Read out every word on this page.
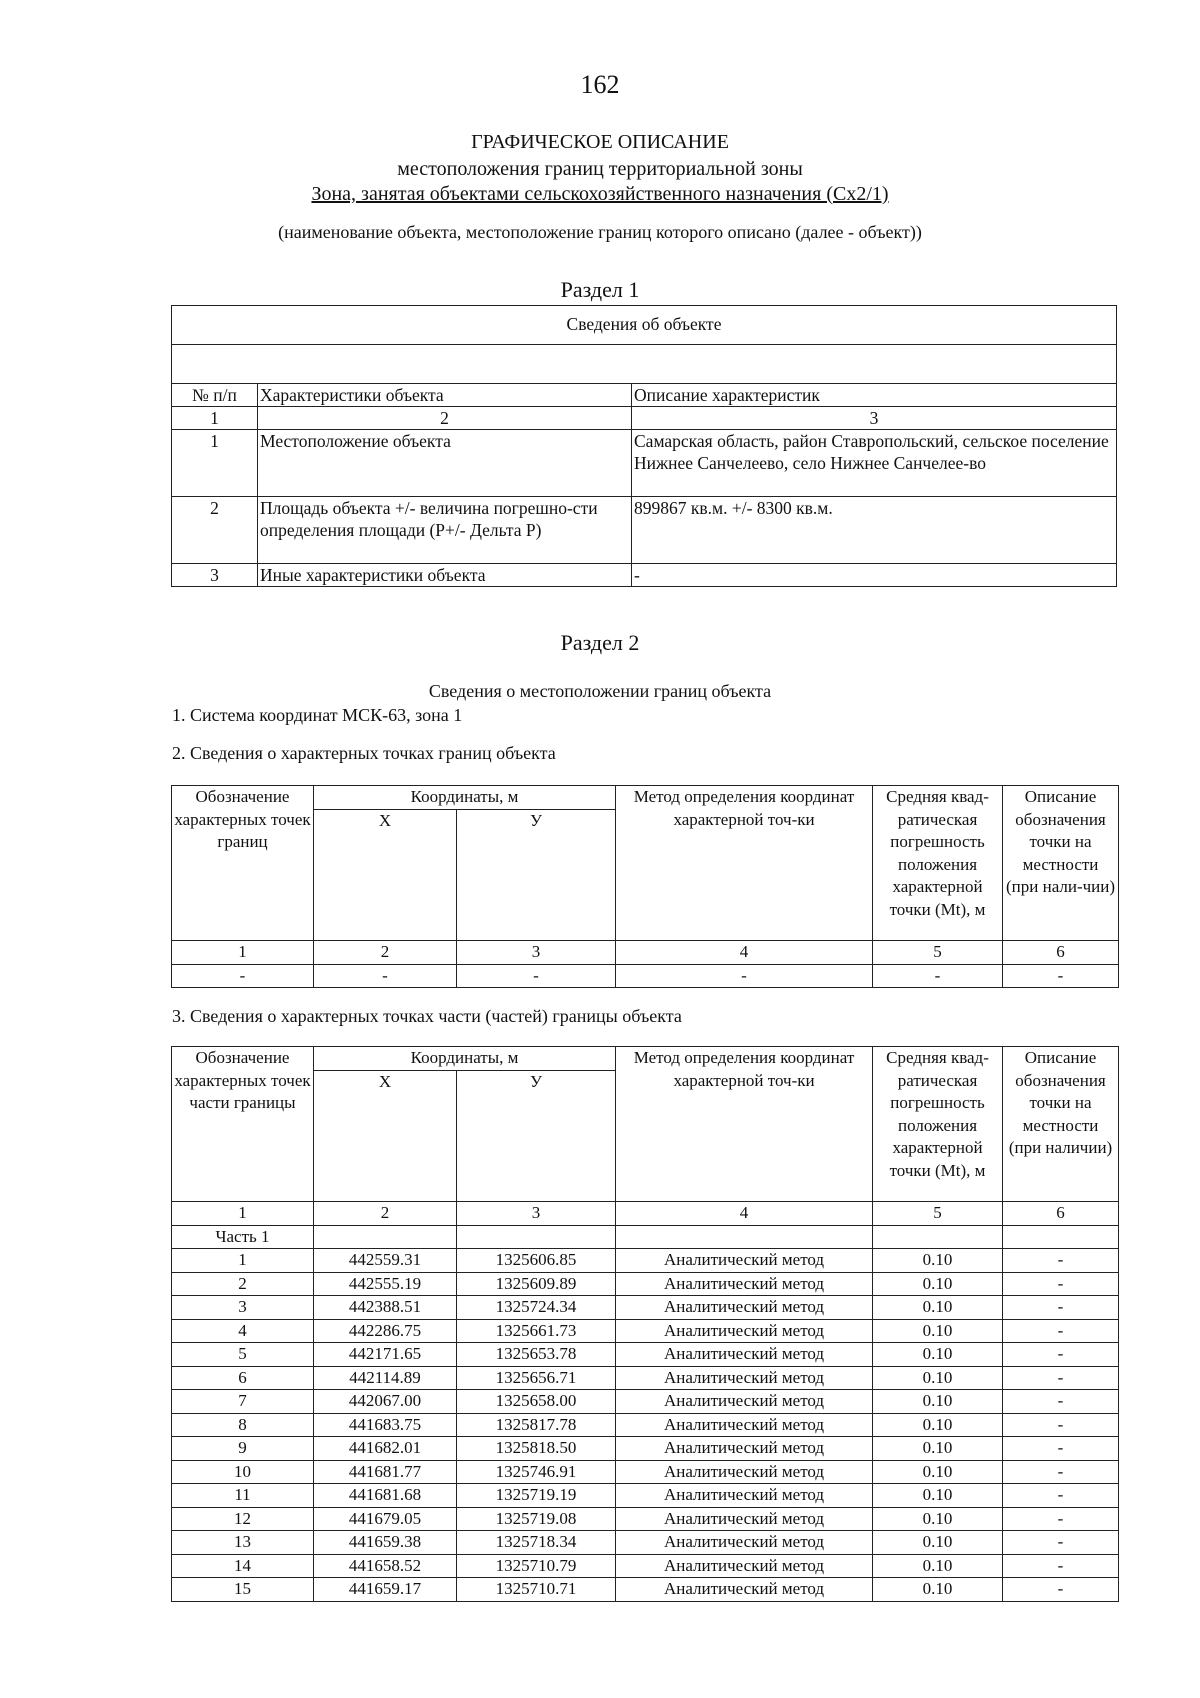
162
ГРАФИЧЕСКОЕ ОПИСАНИЕ
местоположения границ территориальной зоны
Зона, занятая объектами сельскохозяйственного назначения (Сх2/1)
(наименование объекта, местоположение границ которого описано (далее - объект))
Раздел 1
Сведения об объекте		

№ п/п	Характеристики объекта	Описание характеристик
1	2	3
1	Местоположение объекта	Самарская область, район Ставропольский, сельское поселение Нижнее Санчелеево, село Нижнее Санчелее-во
2	Площадь объекта +/- величина погрешно-сти определения площади (Р+/- Дельта Р)	899867 кв.м. +/- 8300 кв.м.
3	Иные характеристики объекта	-
Раздел 2
Сведения о местоположении границ объекта
1. Система координат МСК-63, зона 1
2. Сведения о характерных точках границ объекта
Обозначение характерных точек границ	Координаты, м		Метод определения координат характерной точ-ки	Средняя квад-ратическая погрешность положения характерной точки (Мt), м	Описание обозначения точки на местности (при нали-чии)
	Х	У			
1	2	3	4	5	6
-	-	-	-	-	-
3. Сведения о характерных точках части (частей) границы объекта
Обозначение характерных точек части границы	Координаты, м		Метод определения координат характерной точ-ки	Средняя квад-ратическая погрешность положения характерной точки (Мt), м	Описание обозначения точки на местности (при наличии)
	Х	У			
1	2	3	4	5	6
Часть 1					
1	442559.31	1325606.85	Аналитический метод	0.10	-
2	442555.19	1325609.89	Аналитический метод	0.10	-
3	442388.51	1325724.34	Аналитический метод	0.10	-
4	442286.75	1325661.73	Аналитический метод	0.10	-
5	442171.65	1325653.78	Аналитический метод	0.10	-
6	442114.89	1325656.71	Аналитический метод	0.10	-
7	442067.00	1325658.00	Аналитический метод	0.10	-
8	441683.75	1325817.78	Аналитический метод	0.10	-
9	441682.01	1325818.50	Аналитический метод	0.10	-
10	441681.77	1325746.91	Аналитический метод	0.10	-
11	441681.68	1325719.19	Аналитический метод	0.10	-
12	441679.05	1325719.08	Аналитический метод	0.10	-
13	441659.38	1325718.34	Аналитический метод	0.10	-
14	441658.52	1325710.79	Аналитический метод	0.10	-
15	441659.17	1325710.71	Аналитический метод	0.10	-
